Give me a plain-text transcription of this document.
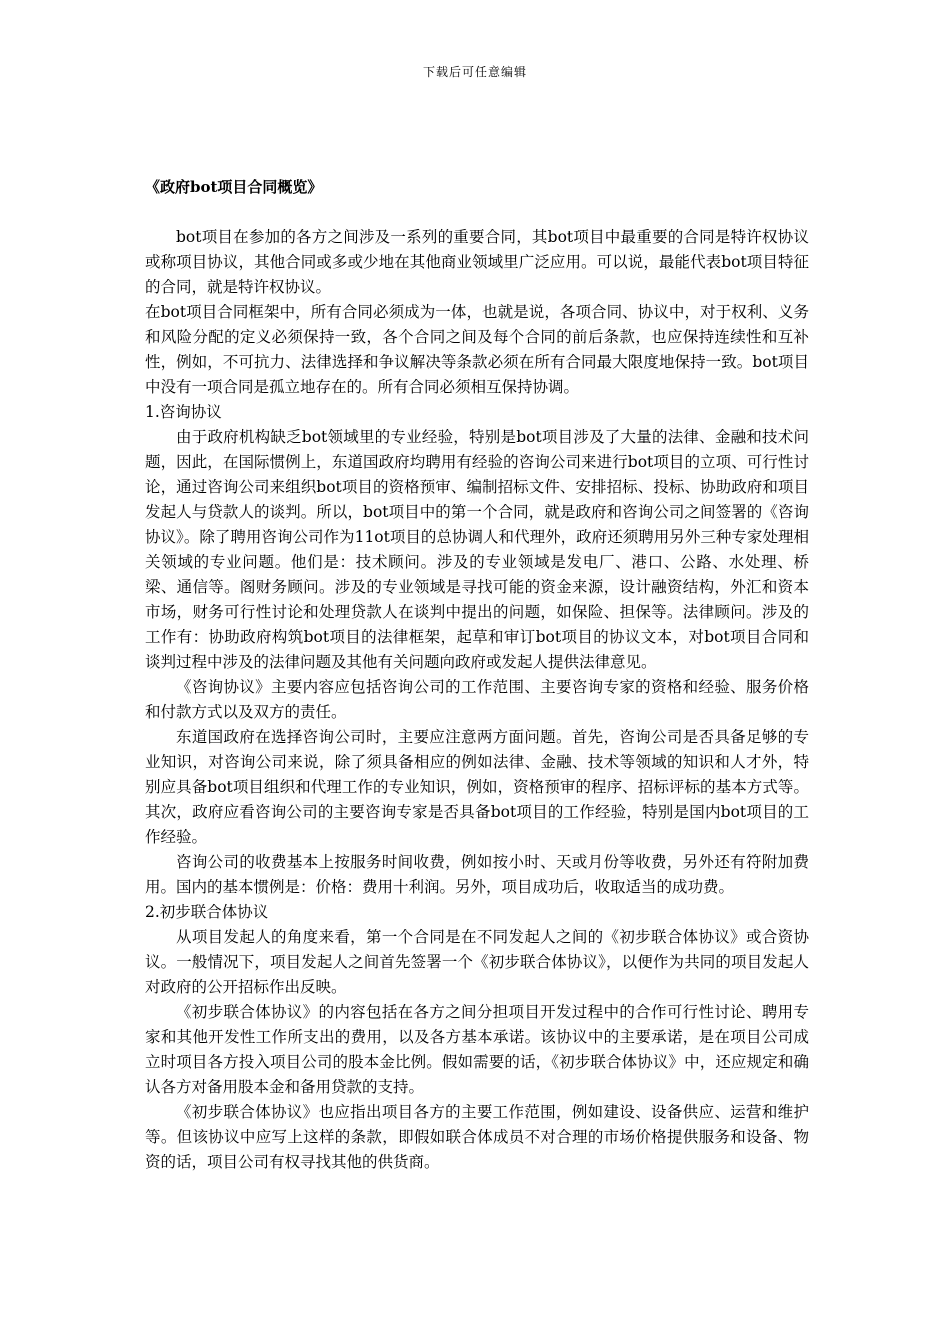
下载后可任意编辑
《政府bot项目合同概览》

bot项目在参加的各方之间涉及一系列的重要合同，其bot项目中最重要的合同是特许权协议或称项目协议，其他合同或多或少地在其他商业领域里广泛应用。可以说，最能代表bot项目特征的合同，就是特许权协议。

在bot项目合同框架中，所有合同必须成为一体，也就是说，各项合同、协议中，对于权利、义务和风险分配的定义必须保持一致，各个合同之间及每个合同的前后条款，也应保持连续性和互补性，例如，不可抗力、法律选择和争议解决等条款必须在所有合同最大限度地保持一致。bot项目中没有一项合同是孤立地存在的。所有合同必须相互保持协调。

1.咨询协议

由于政府机构缺乏bot领域里的专业经验，特别是bot项目涉及了大量的法律、金融和技术问题，因此，在国际惯例上，东道国政府均聘用有经验的咨询公司来进行bot项目的立项、可行性讨论，通过咨询公司来组织bot项目的资格预审、编制招标文件、安排招标、投标、协助政府和项目发起人与贷款人的谈判。所以，bot项目中的第一个合同，就是政府和咨询公司之间签署的《咨询协议》。除了聘用咨询公司作为11ot项目的总协调人和代理外，政府还须聘用另外三种专家处理相关领域的专业问题。他们是：技术顾问。涉及的专业领域是发电厂、港口、公路、水处理、桥梁、通信等。阁财务顾问。涉及的专业领域是寻找可能的资金来源，设计融资结构，外汇和资本市场，财务可行性讨论和处理贷款人在谈判中提出的问题，如保险、担保等。法律顾问。涉及的工作有：协助政府构筑bot项目的法律框架，起草和审订bot项目的协议文本，对bot项目合同和谈判过程中涉及的法律问题及其他有关问题向政府或发起人提供法律意见。

《咨询协议》主要内容应包括咨询公司的工作范围、主要咨询专家的资格和经验、服务价格和付款方式以及双方的责任。

东道国政府在选择咨询公司时，主要应注意两方面问题。首先，咨询公司是否具备足够的专业知识，对咨询公司来说，除了须具备相应的例如法律、金融、技术等领域的知识和人才外，特别应具备bot项目组织和代理工作的专业知识，例如，资格预审的程序、招标评标的基本方式等。其次，政府应看咨询公司的主要咨询专家是否具备bot项目的工作经验，特别是国内bot项目的工作经验。

咨询公司的收费基本上按服务时间收费，例如按小时、天或月份等收费，另外还有符附加费用。国内的基本惯例是：价格：费用十利润。另外，项目成功后，收取适当的成功费。

2.初步联合体协议

从项目发起人的角度来看，第一个合同是在不同发起人之间的《初步联合体协议》或合资协议。一般情况下，项目发起人之间首先签署一个《初步联合体协议》，以便作为共同的项目发起人对政府的公开招标作出反映。

《初步联合体协议》的内容包括在各方之间分担项目开发过程中的合作可行性讨论、聘用专家和其他开发性工作所支出的费用，以及各方基本承诺。该协议中的主要承诺，是在项目公司成立时项目各方投入项目公司的股本金比例。假如需要的话，《初步联合体协议》中，还应规定和确认各方对备用股本金和备用贷款的支持。

《初步联合体协议》也应指出项目各方的主要工作范围，例如建设、设备供应、运营和维护等。但该协议中应写上这样的条款，即假如联合体成员不对合理的市场价格提供服务和设备、物资的话，项目公司有权寻找其他的供货商。
